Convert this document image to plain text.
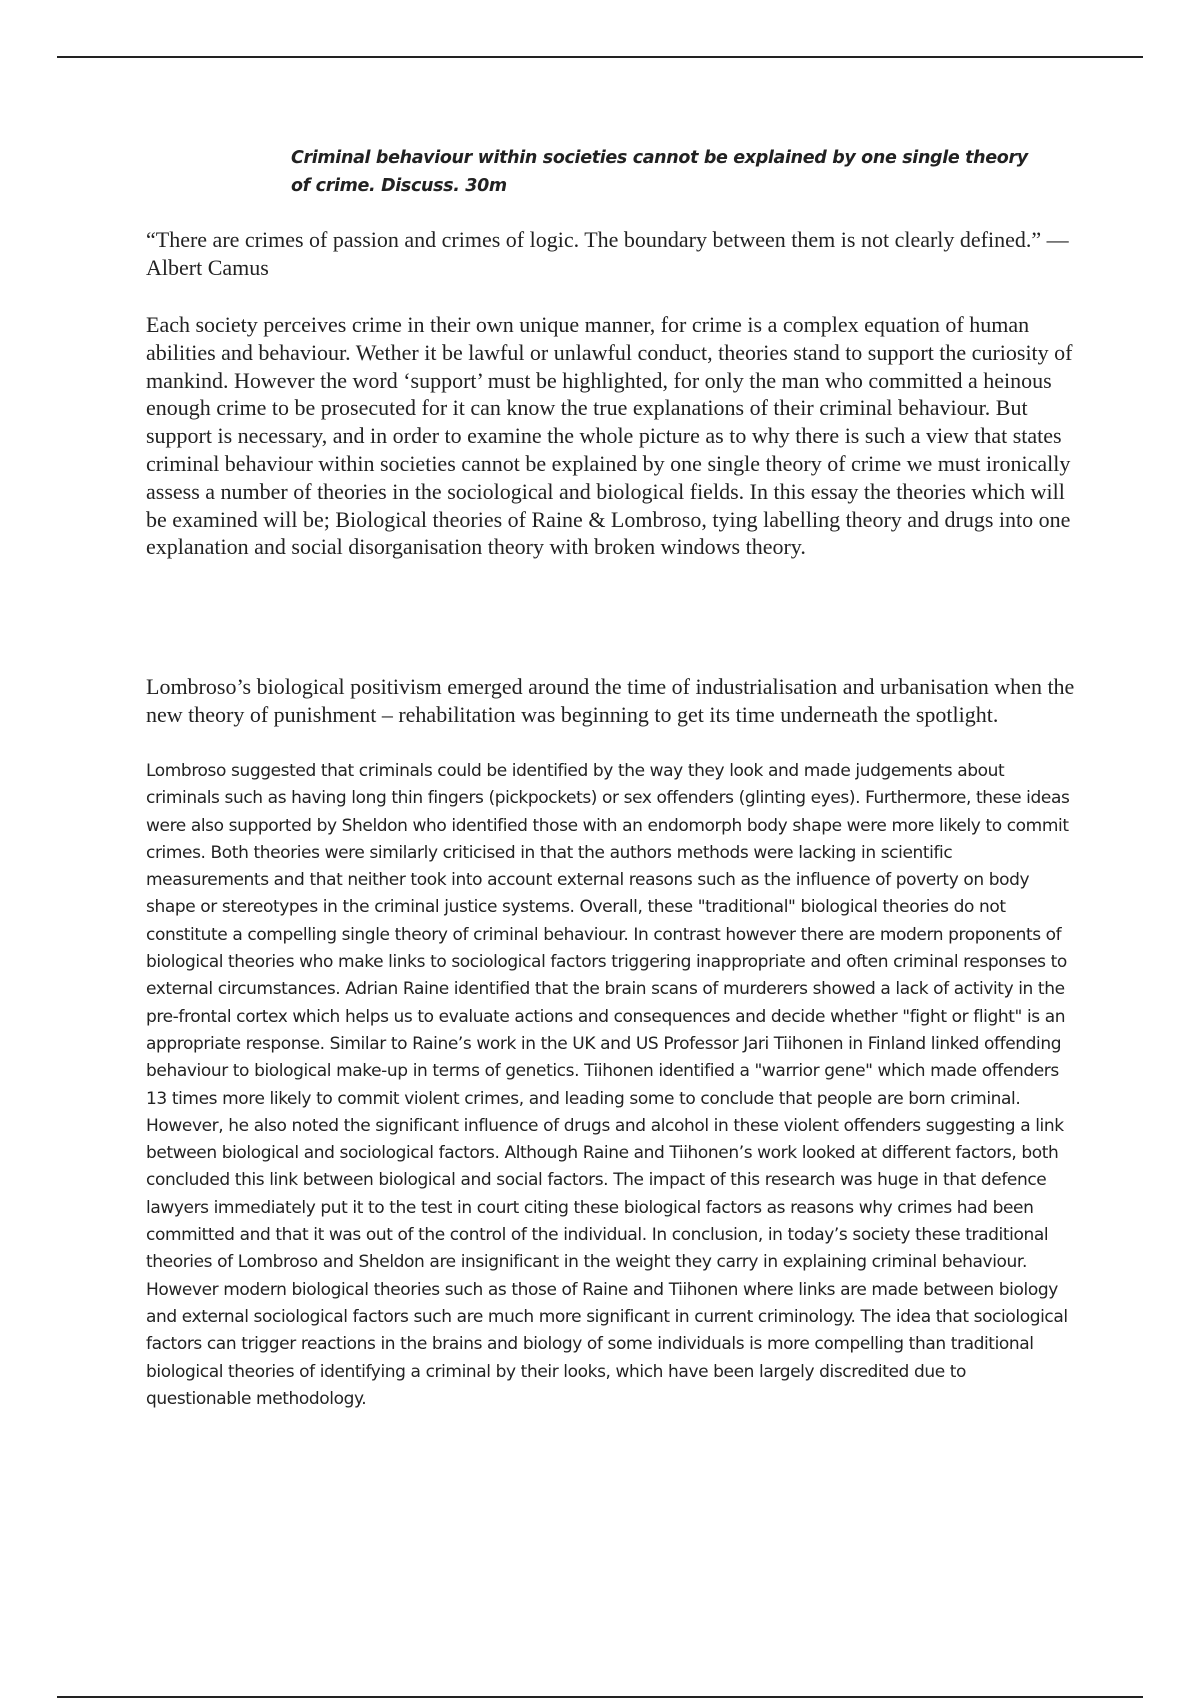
Criminal behaviour within societies cannot be explained by one single theory of crime. Discuss. 30m

“There are crimes of passion and crimes of logic. The boundary between them is not clearly defined.” — Albert Camus

Each society perceives crime in their own unique manner, for crime is a complex equation of human abilities and behaviour. Wether it be lawful or unlawful conduct, theories stand to support the curiosity of mankind. However the word ‘support’ must be highlighted, for only the man who committed a heinous enough crime to be prosecuted for it can know the true explanations of their criminal behaviour. But support is necessary, and in order to examine the whole picture as to why there is such a view that states criminal behaviour within societies cannot be explained by one single theory of crime we must ironically assess a number of theories in the sociological and biological fields. In this essay the theories which will be examined will be; Biological theories of Raine & Lombroso, tying labelling theory and drugs into one explanation and social disorganisation theory with broken windows theory.

Lombroso’s biological positivism emerged around the time of industrialisation and urbanisation when the new theory of punishment – rehabilitation was beginning to get its time underneath the spotlight.

Lombroso suggested that criminals could be identified by the way they look and made judgements about criminals such as having long thin fingers (pickpockets) or sex offenders (glinting eyes). Furthermore, these ideas were also supported by Sheldon who identified those with an endomorph body shape were more likely to commit crimes. Both theories were similarly criticised in that the authors methods were lacking in scientific measurements and that neither took into account external reasons such as the influence of poverty on body shape or stereotypes in the criminal justice systems. Overall, these "traditional" biological theories do not constitute a compelling single theory of criminal behaviour. In contrast however there are modern proponents of biological theories who make links to sociological factors triggering inappropriate and often criminal responses to external circumstances. Adrian Raine identified that the brain scans of murderers showed a lack of activity in the pre-frontal cortex which helps us to evaluate actions and consequences and decide whether "fight or flight" is an appropriate response. Similar to Raine’s work in the UK and US Professor Jari Tiihonen in Finland linked offending behaviour to biological make-up in terms of genetics. Tiihonen identified a "warrior gene" which made offenders 13 times more likely to commit violent crimes, and leading some to conclude that people are born criminal. However, he also noted the significant influence of drugs and alcohol in these violent offenders suggesting a link between biological and sociological factors. Although Raine and Tiihonen’s work looked at different factors, both concluded this link between biological and social factors. The impact of this research was huge in that defence lawyers immediately put it to the test in court citing these biological factors as reasons why crimes had been committed and that it was out of the control of the individual. In conclusion, in today’s society these traditional theories of Lombroso and Sheldon are insignificant in the weight they carry in explaining criminal behaviour. However modern biological theories such as those of Raine and Tiihonen where links are made between biology and external sociological factors such are much more significant in current criminology. The idea that sociological factors can trigger reactions in the brains and biology of some individuals is more compelling than traditional biological theories of identifying a criminal by their looks, which have been largely discredited due to questionable methodology.
